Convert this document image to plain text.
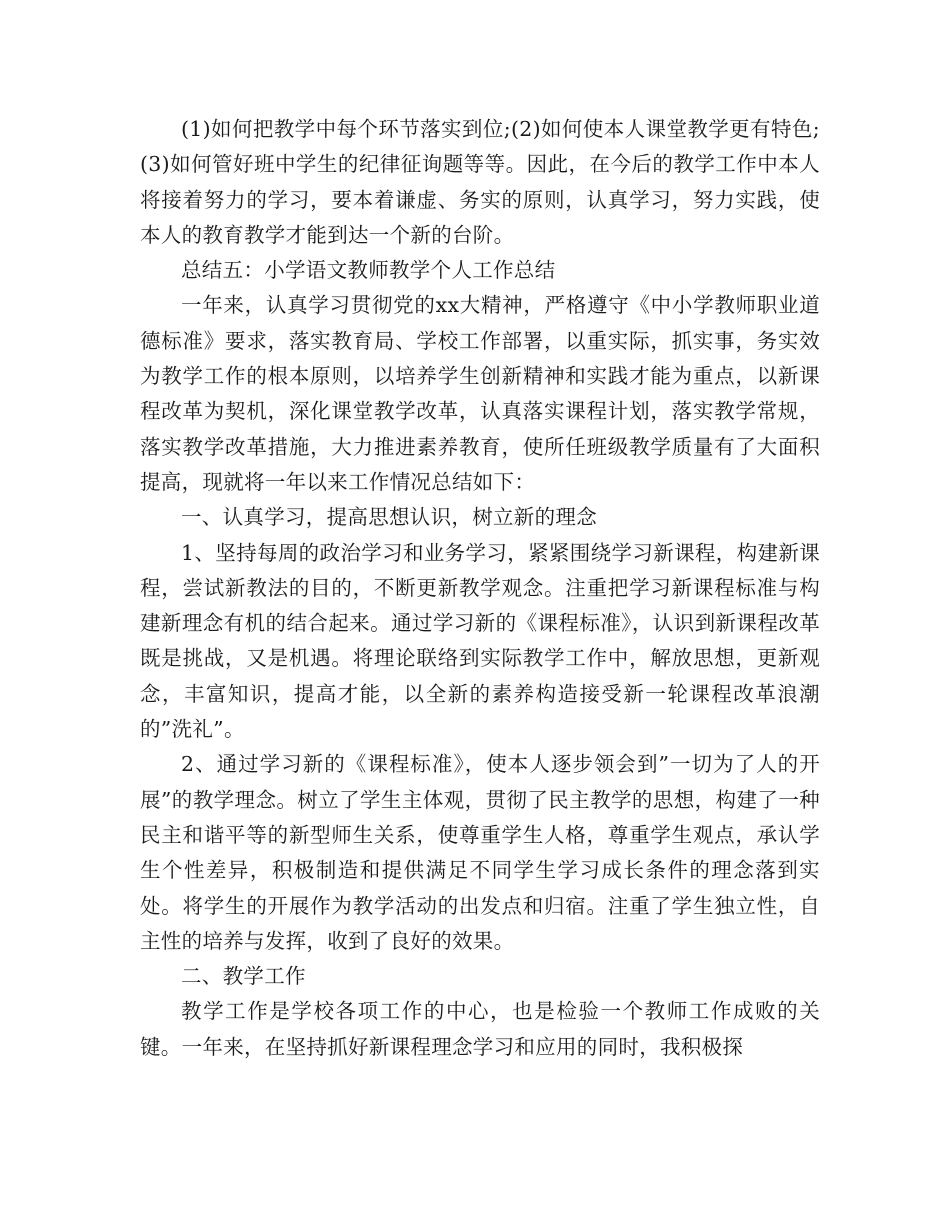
(1)如何把教学中每个环节落实到位;(2)如何使本人课堂教学更有特色;(3)如何管好班中学生的纪律征询题等等。因此，在今后的教学工作中本人将接着努力的学习，要本着谦虚、务实的原则，认真学习，努力实践，使本人的教育教学才能到达一个新的台阶。

总结五：小学语文教师教学个人工作总结

一年来，认真学习贯彻党的xx大精神，严格遵守《中小学教师职业道德标准》要求，落实教育局、学校工作部署，以重实际，抓实事，务实效为教学工作的根本原则，以培养学生创新精神和实践才能为重点，以新课程改革为契机，深化课堂教学改革，认真落实课程计划，落实教学常规，落实教学改革措施，大力推进素养教育，使所任班级教学质量有了大面积提高，现就将一年以来工作情况总结如下：

一、认真学习，提高思想认识，树立新的理念

1、坚持每周的政治学习和业务学习，紧紧围绕学习新课程，构建新课程，尝试新教法的目的，不断更新教学观念。注重把学习新课程标准与构建新理念有机的结合起来。通过学习新的《课程标准》，认识到新课程改革既是挑战，又是机遇。将理论联络到实际教学工作中，解放思想，更新观念，丰富知识，提高才能，以全新的素养构造接受新一轮课程改革浪潮的”洗礼”。

2、通过学习新的《课程标准》，使本人逐步领会到”一切为了人的开展”的教学理念。树立了学生主体观，贯彻了民主教学的思想，构建了一种民主和谐平等的新型师生关系，使尊重学生人格，尊重学生观点，承认学生个性差异，积极制造和提供满足不同学生学习成长条件的理念落到实处。将学生的开展作为教学活动的出发点和归宿。注重了学生独立性，自主性的培养与发挥，收到了良好的效果。

二、教学工作

教学工作是学校各项工作的中心，也是检验一个教师工作成败的关键。一年来，在坚持抓好新课程理念学习和应用的同时，我积极探
